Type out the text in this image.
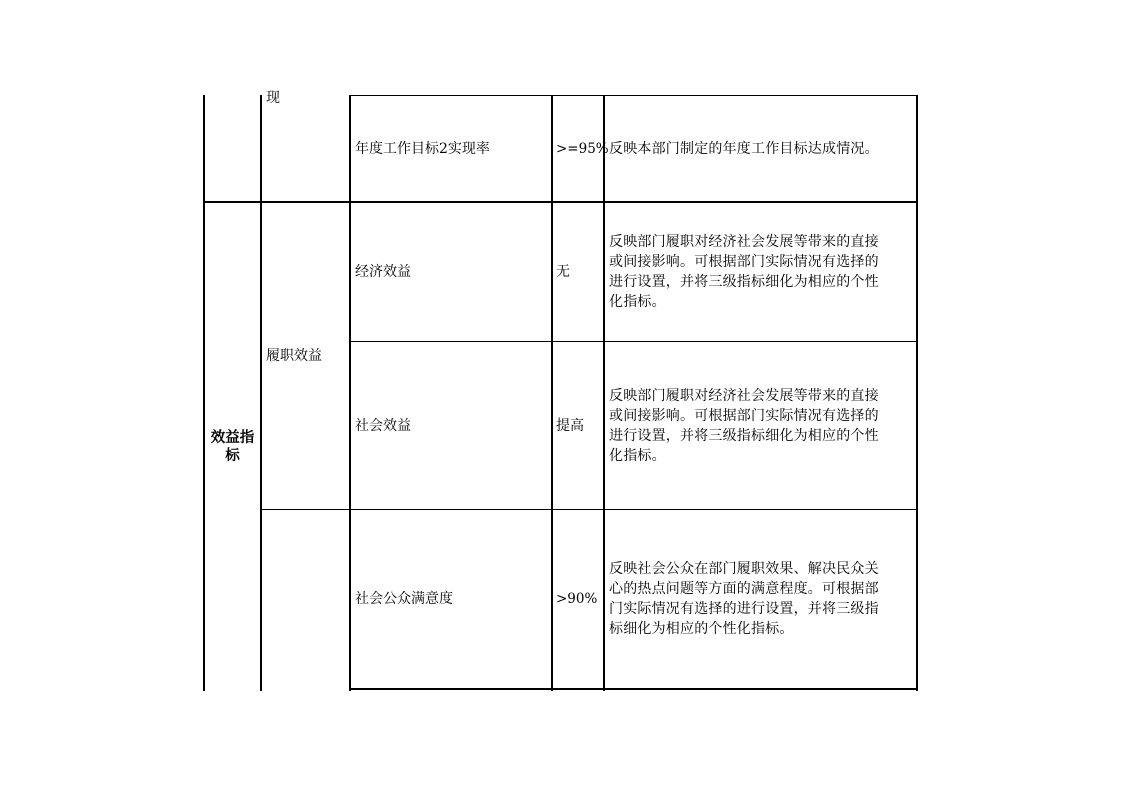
现
年度工作目标2实现率	>=95% 反映本部门制定的年度工作目标达成情况。
效益指
标
履职效益
经济效益	无
反映部门履职对经济社会发展等带来的直接
或间接影响。可根据部门实际情况有选择的
进行设置，并将三级指标细化为相应的个性
化指标。
社会效益	提高
反映部门履职对经济社会发展等带来的直接
或间接影响。可根据部门实际情况有选择的
进行设置，并将三级指标细化为相应的个性
化指标。
社会公众满意度	>90%
反映社会公众在部门履职效果、解决民众关
心的热点问题等方面的满意程度。可根据部
门实际情况有选择的进行设置，并将三级指
标细化为相应的个性化指标。
